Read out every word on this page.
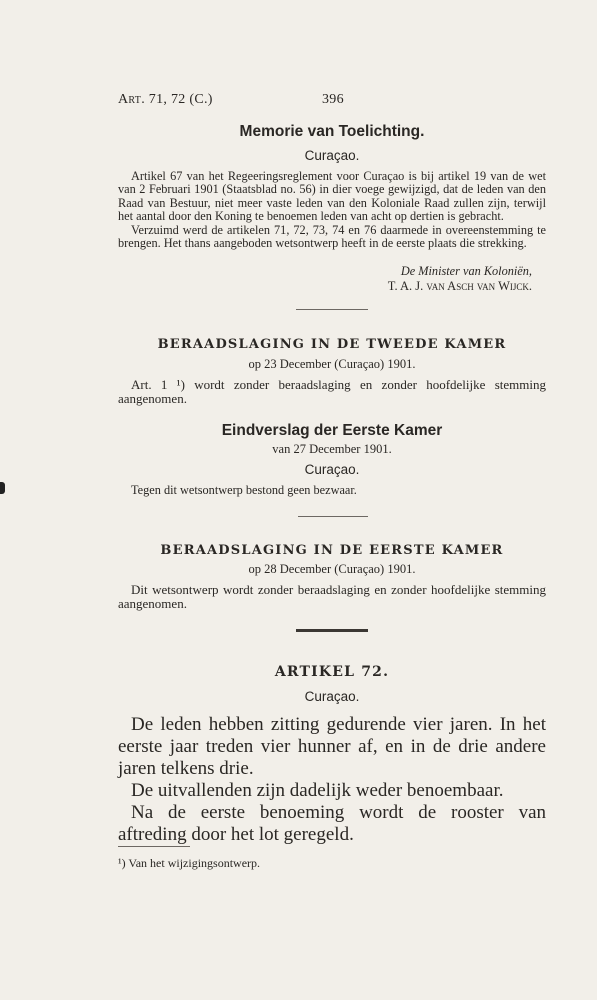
Art. 71, 72 (C.)	396
Memorie van Toelichting.
Curaçao.

Artikel 67 van het Regeeringsreglement voor Curaçao is bij artikel 19 van de wet van 2 Februari 1901 (Staatsblad no. 56) in dier voege gewijzigd, dat de leden van den Raad van Bestuur, niet meer vaste leden van den Koloniale Raad zullen zijn, terwijl het aantal door den Koning te benoemen leden van acht op dertien is gebracht.

Verzuimd werd de artikelen 71, 72, 73, 74 en 76 daarmede in overeenstemming te brengen. Het thans aangeboden wetsontwerp heeft in de eerste plaats die strekking.

De Minister van Koloniën,
T. A. J. van Asch van Wijck.
BERAADSLAGING IN DE TWEEDE KAMER
op 23 December (Curaçao) 1901.

Art. 1 ¹) wordt zonder beraadslaging en zonder hoofdelijke stemming aangenomen.

Eindverslag der Eerste Kamer
van 27 December 1901.
Curaçao.

Tegen dit wetsontwerp bestond geen bezwaar.

BERAADSLAGING IN DE EERSTE KAMER
op 28 December (Curaçao) 1901.

Dit wetsontwerp wordt zonder beraadslaging en zonder hoofdelijke stemming aangenomen.

ARTIKEL 72.
Curaçao.

De leden hebben zitting gedurende vier jaren. In het eerste jaar treden vier hunner af, en in de drie andere jaren telkens drie.

De uitvallenden zijn dadelijk weder benoembaar.

Na de eerste benoeming wordt de rooster van aftreding door het lot geregeld.

¹) Van het wijzigingsontwerp.
